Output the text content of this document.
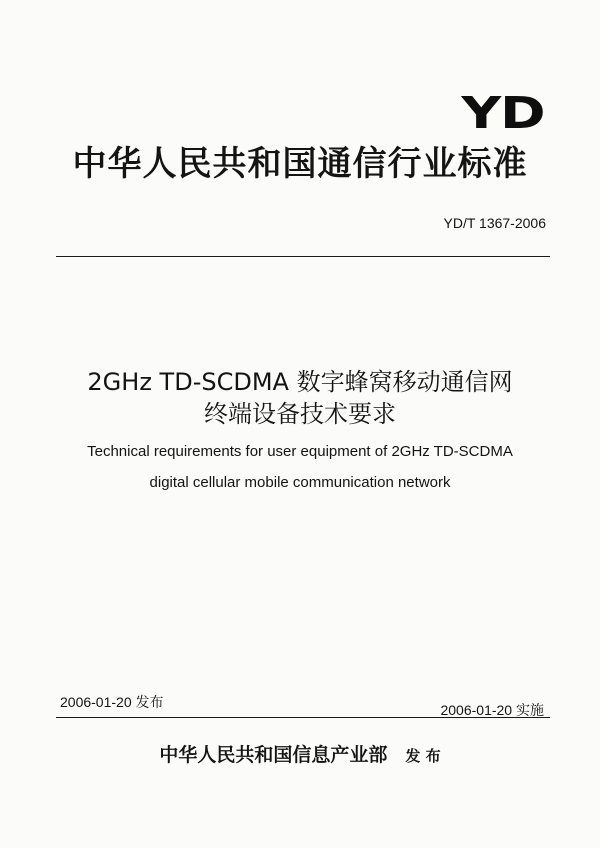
YD
中华人民共和国通信行业标准
YD/T 1367-2006
2GHz TD-SCDMA 数字蜂窝移动通信网
终端设备技术要求
Technical requirements for user equipment of 2GHz TD-SCDMA
digital cellular mobile communication network
2006-01-20 发布	2006-01-20 实施
中华人民共和国信息产业部 发 布
